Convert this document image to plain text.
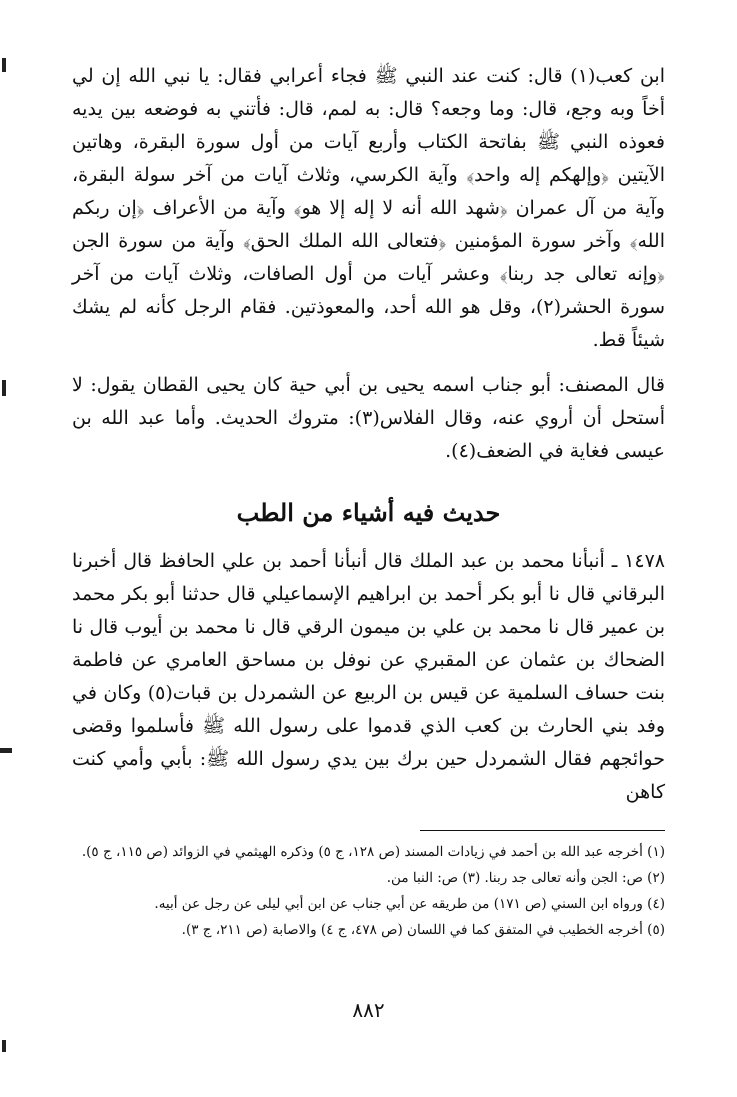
ابن كعب(١) قال: كنت عند النبي ﷺ فجاء أعرابي فقال: يا نبي الله إن لي أخاً وبه وجع، قال: وما وجعه؟ قال: به لمم، قال: فأتني به فوضعه بين يديه فعوذه النبي ﷺ بفاتحة الكتاب وأربع آيات من أول سورة البقرة، وهاتين الآيتين ﴿وإلهكم إله واحد﴾ وآية الكرسي، وثلاث آيات من آخر سولة البقرة، وآية من آل عمران ﴿شهد الله أنه لا إله إلا هو﴾ وآية من الأعراف ﴿إن ربكم الله﴾ وآخر سورة المؤمنين ﴿فتعالى الله الملك الحق﴾ وآية من سورة الجن ﴿وإنه تعالى جد ربنا﴾ وعشر آيات من أول الصافات، وثلاث آيات من آخر سورة الحشر(٢)، وقل هو الله أحد، والمعوذتين. فقام الرجل كأنه لم يشك شيئاً قط.

قال المصنف: أبو جناب اسمه يحيى بن أبي حية كان يحيى القطان يقول: لا أستحل أن أروي عنه، وقال الفلاس(٣): متروك الحديث. وأما عبد الله بن عيسى فغاية في الضعف(٤).

حديث فيه أشياء من الطب

١٤٧٨ ـ أنبأنا محمد بن عبد الملك قال أنبأنا أحمد بن علي الحافظ قال أخبرنا البرقاني قال نا أبو بكر أحمد بن ابراهيم الإسماعيلي قال حدثنا أبو بكر محمد بن عمير قال نا محمد بن علي بن ميمون الرقي قال نا محمد بن أيوب قال نا الضحاك بن عثمان عن المقبري عن نوفل بن مساحق العامري عن فاطمة بنت حساف السلمية عن قيس بن الربيع عن الشمردل بن قبات(٥) وكان في وفد بني الحارث بن كعب الذي قدموا على رسول الله ﷺ فأسلموا وقضى حوائجهم فقال الشمردل حين برك بين يدي رسول الله ﷺ: بأبي وأمي كنت كاهن

(١) أخرجه عبد الله بن أحمد في زيادات المسند (ص ١٢٨، ج ٥) وذكره الهيثمي في الزوائد (ص ١١٥، ج ٥).

(٢) ص: الجن وأنه تعالى جد ربنا. (٣) ص: النبا من.

(٤) ورواه ابن السني (ص ١٧١) من طريقه عن أبي جناب عن ابن أبي ليلى عن رجل عن أبيه.

(٥) أخرجه الخطيب في المتفق كما في اللسان (ص ٤٧٨، ج ٤) والاصابة (ص ٢١١، ج ٣).

٨٨٢
